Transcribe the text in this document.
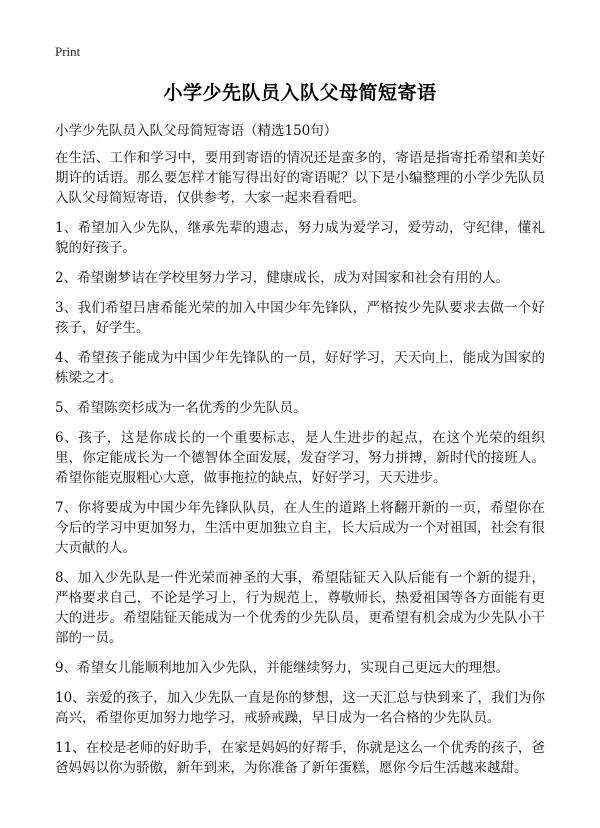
Print
小学少先队员入队父母简短寄语
小学少先队员入队父母简短寄语（精选150句）

在生活、工作和学习中，要用到寄语的情况还是蛮多的，寄语是指寄托希望和美好期许的话语。那么要怎样才能写得出好的寄语呢？以下是小编整理的小学少先队员入队父母简短寄语，仅供参考，大家一起来看看吧。

1、希望加入少先队，继承先辈的遗志，努力成为爱学习，爱劳动，守纪律，懂礼貌的好孩子。

2、希望谢梦诘在学校里努力学习，健康成长，成为对国家和社会有用的人。

3、我们希望吕唐希能光荣的加入中国少年先锋队，严格按少先队要求去做一个好孩子，好学生。

4、希望孩子能成为中国少年先锋队的一员，好好学习，天天向上，能成为国家的栋梁之才。

5、希望陈奕杉成为一名优秀的少先队员。

6、孩子，这是你成长的一个重要标志，是人生进步的起点，在这个光荣的组织里，你定能成长为一个德智体全面发展，发奋学习，努力拼搏，新时代的接班人。希望你能克服粗心大意，做事拖拉的缺点，好好学习，天天进步。

7、你将要成为中国少年先锋队队员，在人生的道路上将翻开新的一页，希望你在今后的学习中更加努力，生活中更加独立自主，长大后成为一个对祖国，社会有很大贡献的人。

8、加入少先队是一件光荣而神圣的大事，希望陆钲天入队后能有一个新的提升，严格要求自己，不论是学习上，行为规范上，尊敬师长，热爱祖国等各方面能有更大的进步。希望陆钲天能成为一个优秀的少先队员，更希望有机会成为少先队小干部的一员。

9、希望女儿能顺利地加入少先队，并能继续努力，实现自己更远大的理想。

10、亲爱的孩子，加入少先队一直是你的梦想，这一天汇总与快到来了，我们为你高兴，希望你更加努力地学习，戒骄戒躁，早日成为一名合格的少先队员。

11、在校是老师的好助手，在家是妈妈的好帮手，你就是这么一个优秀的孩子，爸爸妈妈以你为骄傲，新年到来，为你准备了新年蛋糕，愿你今后生活越来越甜。
